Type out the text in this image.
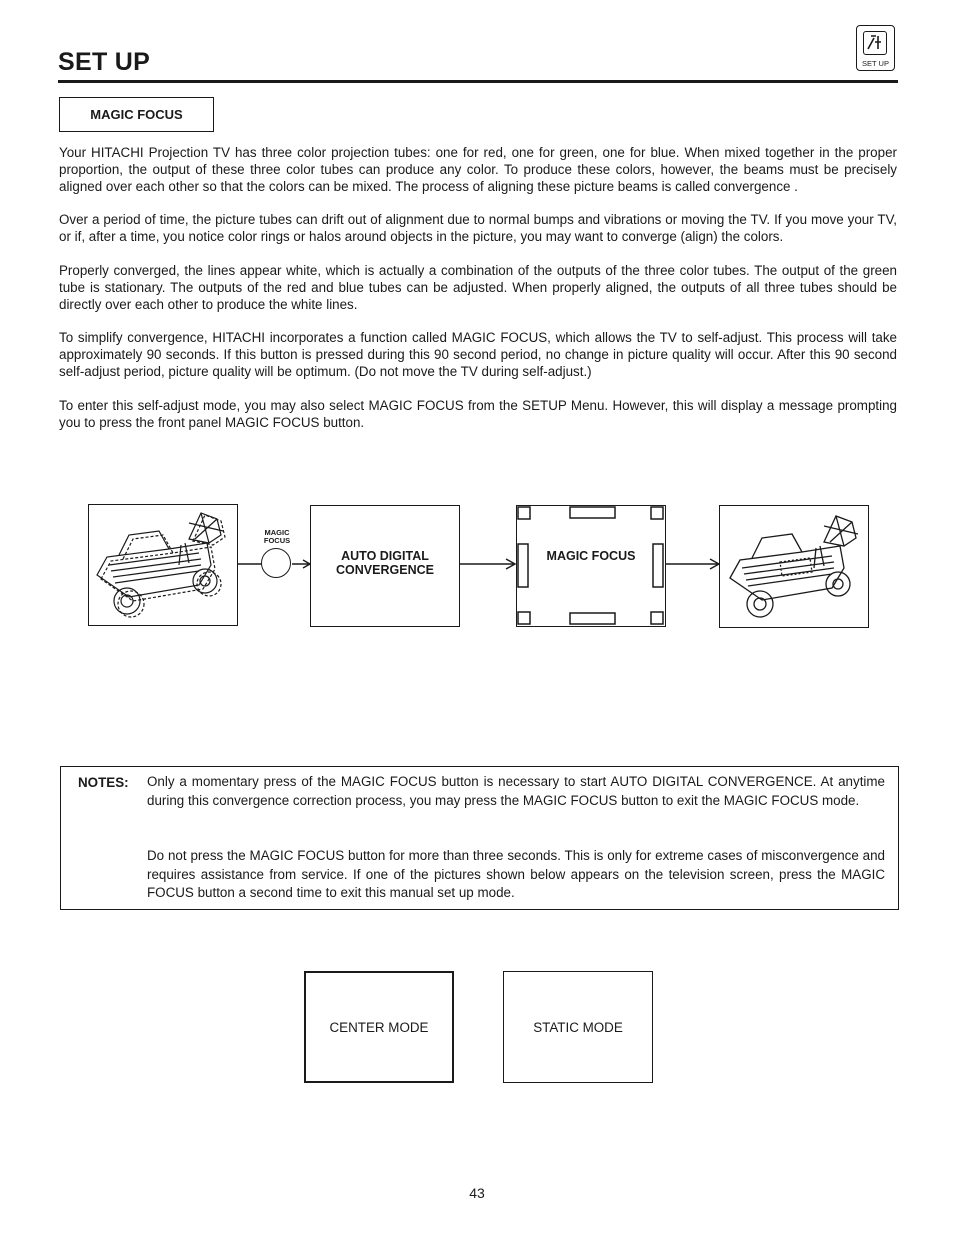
SET UP	SET UP
MAGIC FOCUS

Your HITACHI Projection TV has three color projection tubes: one for red, one for green, one for blue. When mixed together in the proper proportion, the output of these three color tubes can produce any color. To produce these colors, however, the beams must be precisely aligned over each other so that the colors can be mixed. The process of aligning these picture beams is called convergence .

Over a period of time, the picture tubes can drift out of alignment due to normal bumps and vibrations or moving the TV. If you move your TV, or if, after a time, you notice color rings or halos around objects in the picture, you may want to converge (align) the colors.

Properly converged, the lines appear white, which is actually a combination of the outputs of the three color tubes. The output of the green tube is stationary. The outputs of the red and blue tubes can be adjusted. When properly aligned, the outputs of all three tubes should be directly over each other to produce the white lines.

To simplify convergence, HITACHI incorporates a function called MAGIC FOCUS, which allows the TV to self-adjust. This process will take approximately 90 seconds. If this button is pressed during this 90 second period, no change in picture quality will occur. After this 90 second self-adjust period, picture quality will be optimum. (Do not move the TV during self-adjust.)

To enter this self-adjust mode, you may also select MAGIC FOCUS from the SETUP Menu. However, this will display a message prompting you to press the front panel MAGIC FOCUS button.

MAGIC
FOCUS
AUTO DIGITAL
CONVERGENCE
MAGIC FOCUS
NOTES: Only a momentary press of the MAGIC FOCUS button is necessary to start AUTO DIGITAL CONVERGENCE. At anytime during this convergence correction process, you may press the MAGIC FOCUS button to exit the MAGIC FOCUS mode.

Do not press the MAGIC FOCUS button for more than three seconds. This is only for extreme cases of misconvergence and requires assistance from service. If one of the pictures shown below appears on the television screen, press the MAGIC FOCUS button a second time to exit this manual set up mode.

CENTER MODE	STATIC MODE
43
